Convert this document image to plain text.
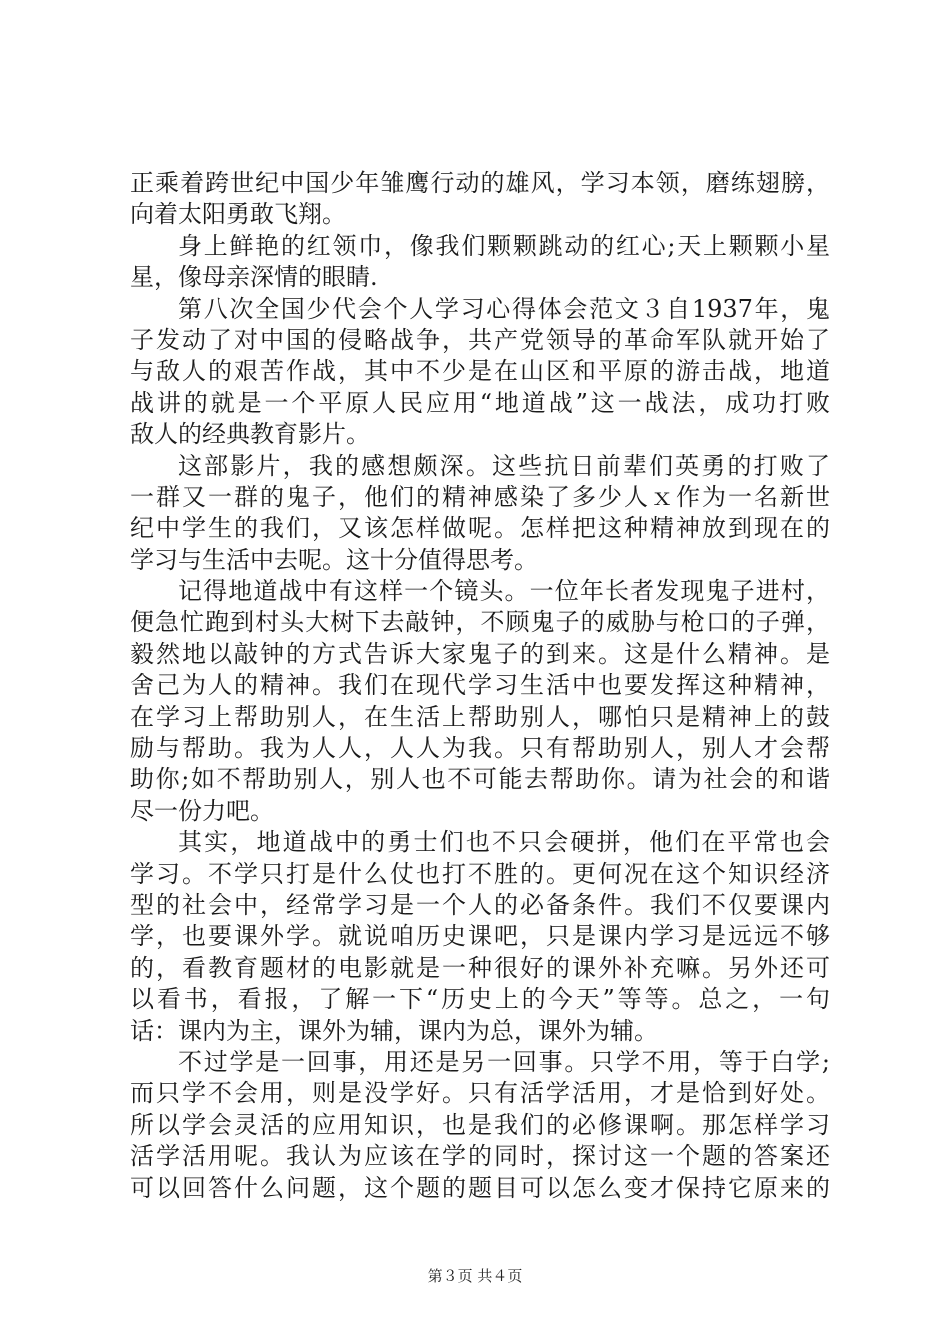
正乘着跨世纪中国少年雏鹰行动的雄风，学习本领，磨练翅膀，
向着太阳勇敢飞翔。
身上鲜艳的红领巾，像我们颗颗跳动的红心;天上颗颗小星
星，像母亲深情的眼睛.
第八次全国少代会个人学习心得体会范文３自1937年，鬼
子发动了对中国的侵略战争，共产党领导的革命军队就开始了
与敌人的艰苦作战，其中不少是在山区和平原的游击战，地道
战讲的就是一个平原人民应用“地道战”这一战法，成功打败
敌人的经典教育影片。
这部影片，我的感想颇深。这些抗日前辈们英勇的打败了
一群又一群的鬼子，他们的精神感染了多少人ｘ作为一名新世
纪中学生的我们，又该怎样做呢。怎样把这种精神放到现在的
学习与生活中去呢。这十分值得思考。
记得地道战中有这样一个镜头。一位年长者发现鬼子进村，
便急忙跑到村头大树下去敲钟，不顾鬼子的威胁与枪口的子弹，
毅然地以敲钟的方式告诉大家鬼子的到来。这是什么精神。是
舍己为人的精神。我们在现代学习生活中也要发挥这种精神，
在学习上帮助别人，在生活上帮助别人，哪怕只是精神上的鼓
励与帮助。我为人人，人人为我。只有帮助别人，别人才会帮
助你;如不帮助别人，别人也不可能去帮助你。请为社会的和谐
尽一份力吧。
其实，地道战中的勇士们也不只会硬拼，他们在平常也会
学习。不学只打是什么仗也打不胜的。更何况在这个知识经济
型的社会中，经常学习是一个人的必备条件。我们不仅要课内
学，也要课外学。就说咱历史课吧，只是课内学习是远远不够
的，看教育题材的电影就是一种很好的课外补充嘛。另外还可
以看书，看报，了解一下“历史上的今天”等等。总之，一句
话：课内为主，课外为辅，课内为总，课外为辅。
不过学是一回事，用还是另一回事。只学不用，等于白学;
而只学不会用，则是没学好。只有活学活用，才是恰到好处。
所以学会灵活的应用知识，也是我们的必修课啊。那怎样学习
活学活用呢。我认为应该在学的同时，探讨这一个题的答案还
可以回答什么问题，这个题的题目可以怎么变才保持它原来的
第３页 共４页
